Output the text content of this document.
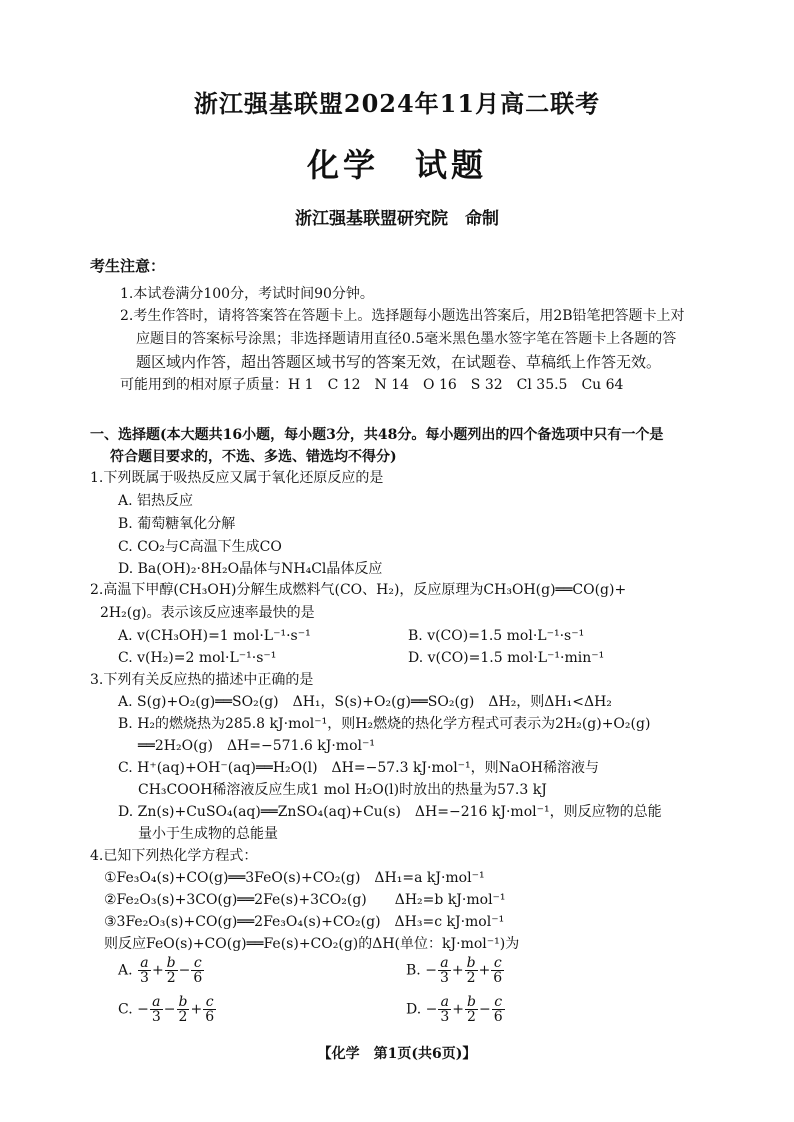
浙江强基联盟2024年11月高二联考
化学　试题
浙江强基联盟研究院　命制
考生注意：
1.本试卷满分100分，考试时间90分钟。
2.考生作答时，请将答案答在答题卡上。选择题每小题选出答案后，用2B铅笔把答题卡上对
应题目的答案标号涂黑；非选择题请用直径0.5毫米黑色墨水签字笔在答题卡上各题的答
题区域内作答，超出答题区域书写的答案无效，在试题卷、草稿纸上作答无效。
可能用到的相对原子质量：H 1　C 12　N 14　O 16　S 32　Cl 35.5　Cu 64
一、选择题(本大题共16小题，每小题3分，共48分。每小题列出的四个备选项中只有一个是
符合题目要求的，不选、多选、错选均不得分)
1.下列既属于吸热反应又属于氧化还原反应的是
A. 铝热反应
B. 葡萄糖氧化分解
C. CO₂与C高温下生成CO
D. Ba(OH)₂·8H₂O晶体与NH₄Cl晶体反应
2.高温下甲醇(CH₃OH)分解生成燃料气(CO、H₂)，反应原理为CH₃OH(g)══CO(g)+
2H₂(g)。表示该反应速率最快的是
A. v(CH₃OH)=1 mol·L⁻¹·s⁻¹	B. v(CO)=1.5 mol·L⁻¹·s⁻¹
C. v(H₂)=2 mol·L⁻¹·s⁻¹	D. v(CO)=1.5 mol·L⁻¹·min⁻¹
3.下列有关反应热的描述中正确的是
A. S(g)+O₂(g)══SO₂(g)　ΔH₁，S(s)+O₂(g)══SO₂(g)　ΔH₂，则ΔH₁<ΔH₂
B. H₂的燃烧热为285.8 kJ·mol⁻¹，则H₂燃烧的热化学方程式可表示为2H₂(g)+O₂(g)
══2H₂O(g)　ΔH=−571.6 kJ·mol⁻¹
C. H⁺(aq)+OH⁻(aq)══H₂O(l)　ΔH=−57.3 kJ·mol⁻¹，则NaOH稀溶液与
CH₃COOH稀溶液反应生成1 mol H₂O(l)时放出的热量为57.3 kJ
D. Zn(s)+CuSO₄(aq)══ZnSO₄(aq)+Cu(s)　ΔH=−216 kJ·mol⁻¹，则反应物的总能
量小于生成物的总能量
4.已知下列热化学方程式：
①Fe₃O₄(s)+CO(g)══3FeO(s)+CO₂(g)　ΔH₁=a kJ·mol⁻¹
②Fe₂O₃(s)+3CO(g)══2Fe(s)+3CO₂(g)　　ΔH₂=b kJ·mol⁻¹
③3Fe₂O₃(s)+CO(g)══2Fe₃O₄(s)+CO₂(g)　ΔH₃=c kJ·mol⁻¹
则反应FeO(s)+CO(g)══Fe(s)+CO₂(g)的ΔH(单位：kJ·mol⁻¹)为
A. $\frac{a}{3} + \frac{b}{2} - \frac{c}{6}$	B. − $\frac{a}{3} + \frac{b}{2} + \frac{c}{6}$
C. − $\frac{a}{3} - \frac{b}{2} + \frac{c}{6}$	D. − $\frac{a}{3} + \frac{b}{2} - \frac{c}{6}$
【化学　第1页(共6页)】
